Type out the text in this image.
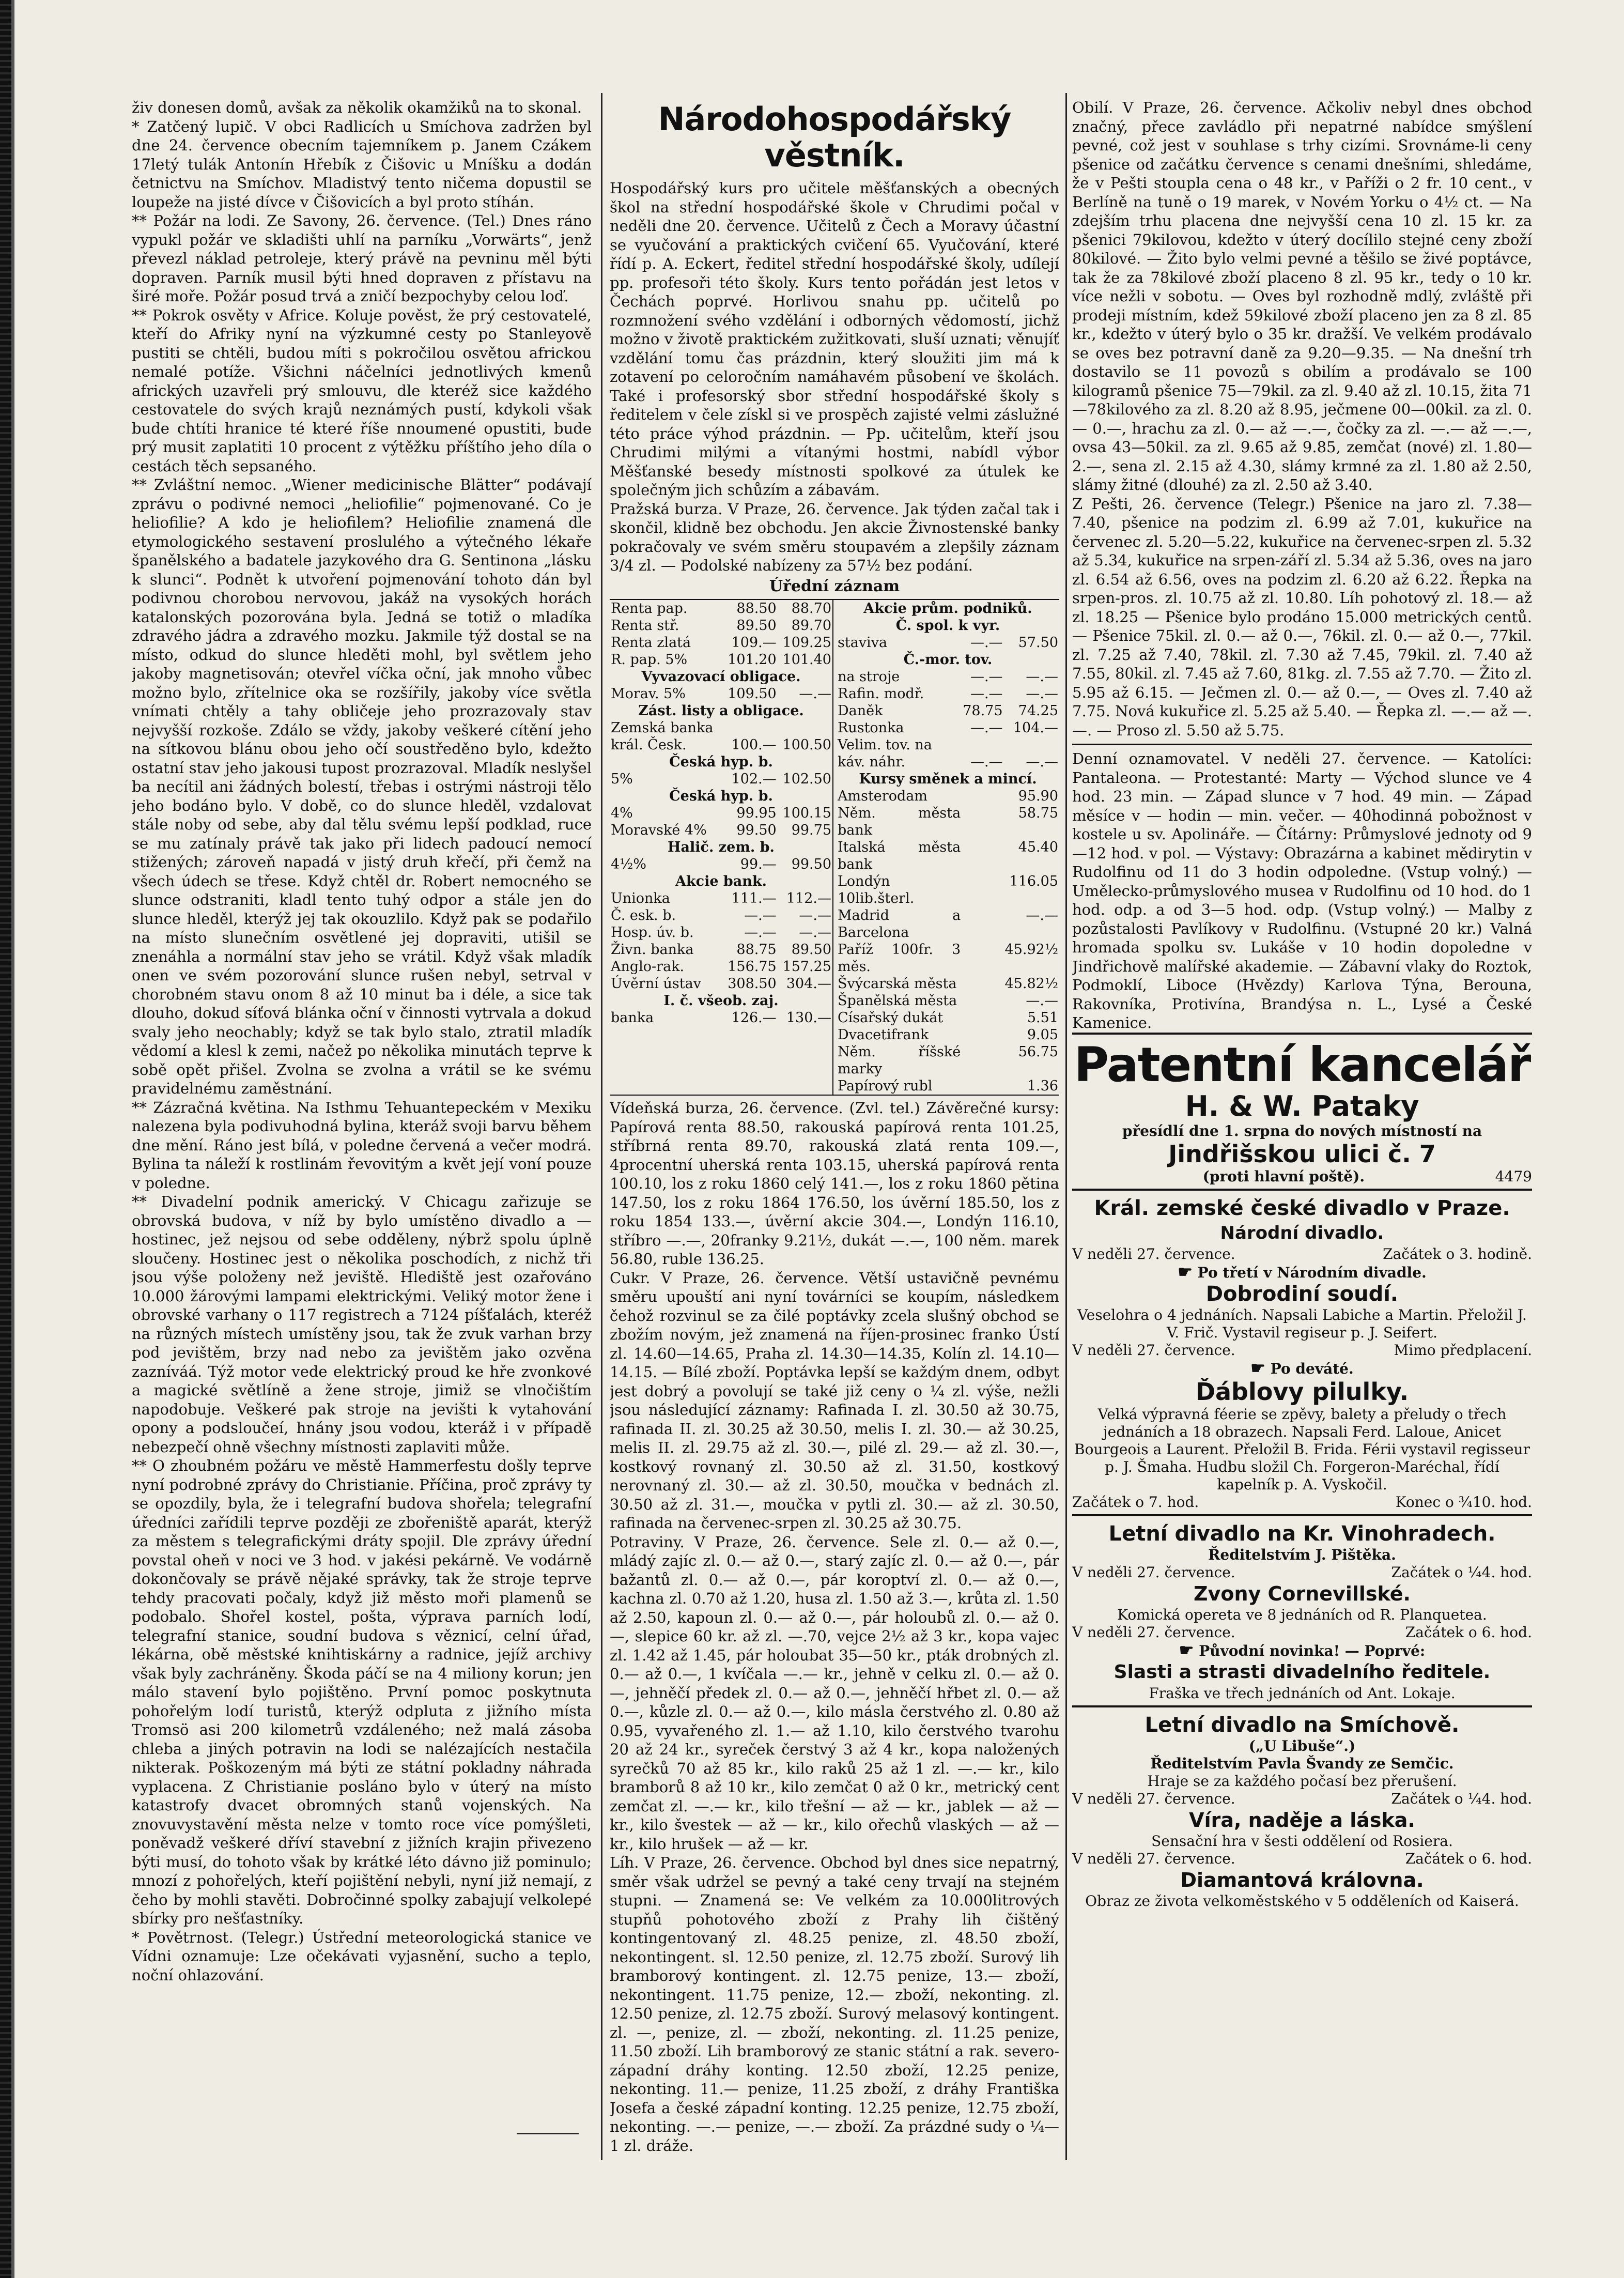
živ donesen domů, avšak za několik okamžiků na to skonal.

* Zatčený lupič. V obci Radlicích u Smíchova zadržen byl dne 24. července obecním tajemníkem p. Janem Czákem 17letý tulák Antonín Hřebík z Čišovic u Mníšku a dodán četnictvu na Smíchov. Mladistvý tento ničema dopustil se loupeže na jisté dívce v Čišovicích a byl proto stíhán.

** Požár na lodi. Ze Savony, 26. července. (Tel.) Dnes ráno vypukl požár ve skladišti uhlí na parníku „Vorwärts“, jenž převezl náklad petroleje, který právě na pevninu měl býti dopraven. Parník musil býti hned dopraven z přístavu na širé moře. Požár posud trvá a zničí bezpochyby celou loď.

** Pokrok osvěty v Africe. Koluje pověst, že prý cestovatelé, kteří do Afriky nyní na výzkumné cesty po Stanleyově pustiti se chtěli, budou míti s pokročilou osvětou africkou nemalé potíže. Všichni náčelníci jednotlivých kmenů afrických uzavřeli prý smlouvu, dle kteréž sice každého cestovatele do svých krajů neznámých pustí, kdykoli však bude chtíti hranice té které říše nnoumené opustiti, bude prý musit zaplatiti 10 procent z výtěžku příštího jeho díla o cestách těch sepsaného.

** Zvláštní nemoc. „Wiener medicinische Blätter“ podávají zprávu o podivné nemoci „heliofilie“ pojmenované. Co je heliofilie? A kdo je heliofilem? Heliofilie znamená dle etymologického sestavení proslulého a výtečného lékaře španělského a badatele jazykového dra G. Sentinona „lásku k slunci“. Podnět k utvoření pojmenování tohoto dán byl podivnou chorobou nervovou, jakáž na vysokých horách katalonských pozorována byla. Jedná se totiž o mladíka zdravého jádra a zdravého mozku. Jakmile týž dostal se na místo, odkud do slunce hleděti mohl, byl světlem jeho jakoby magnetisován; otevřel víčka oční, jak mnoho vůbec možno bylo, zřítelnice oka se rozšířily, jakoby více světla vnímati chtěly a tahy obličeje jeho prozrazovaly stav nejvyšší rozkoše. Zdálo se vždy, jakoby veškeré cítění jeho na sítkovou blánu obou jeho očí soustředěno bylo, kdežto ostatní stav jeho jakousi tupost prozrazoval. Mladík neslyšel ba necítil ani žádných bolestí, třebas i ostrými nástroji tělo jeho bodáno bylo. V době, co do slunce hleděl, vzdalovat stále noby od sebe, aby dal tělu svému lepší podklad, ruce se mu zatínaly právě tak jako při lidech padoucí nemocí stižených; zároveň napadá v jistý druh křečí, při čemž na všech údech se třese. Když chtěl dr. Robert nemocného se slunce odstraniti, kladl tento tuhý odpor a stále jen do slunce hleděl, kterýž jej tak okouzlilo. Když pak se podařilo na místo slunečním osvětlené jej dopraviti, utišil se znenáhla a normální stav jeho se vrátil. Když však mladík onen ve svém pozorování slunce rušen nebyl, setrval v chorobném stavu onom 8 až 10 minut ba i déle, a sice tak dlouho, dokud síťová blánka oční v činnosti vytrvala a dokud svaly jeho neochably; když se tak bylo stalo, ztratil mladík vědomí a klesl k zemi, načež po několika minutách teprve k sobě opět přišel. Zvolna se zvolna a vrátil se ke svému pravidelnému zaměstnání.

** Zázračná květina. Na Isthmu Tehuantepeckém v Mexiku nalezena byla podivuhodná bylina, kteráž svoji barvu během dne mění. Ráno jest bílá, v poledne červená a večer modrá. Bylina ta náleží k rostlinám řevovitým a květ její voní pouze v poledne.

** Divadelní podnik americký. V Chicagu zařizuje se obrovská budova, v níž by bylo umístěno divadlo a — hostinec, jež nejsou od sebe odděleny, nýbrž spolu úplně sloučeny. Hostinec jest o několika poschodích, z nichž tři jsou výše položeny než jeviště. Hlediště jest ozařováno 10.000 žárovými lampami elektrickými. Veliký motor žene i obrovské varhany o 117 registrech a 7124 píšťalách, kteréž na různých místech umístěny jsou, tak že zvuk varhan brzy pod jevištěm, brzy nad nebo za jevištěm jako ozvěna zazníváá. Týž motor vede elektrický proud ke hře zvonkové a magické světlíně a žene stroje, jimiž se vlnočištím napodobuje. Veškeré pak stroje na jevišti k vytahování opony a podsloučeí, hnány jsou vodou, kteráž i v případě nebezpečí ohně všechny místnosti zaplaviti může.

** O zhoubném požáru ve městě Hammerfestu došly teprve nyní podrobné zprávy do Christianie. Příčina, proč zprávy ty se opozdily, byla, že i telegrafní budova shořela; telegrafní úředníci zařídili teprve později ze zbořeniště aparát, kterýž za městem s telegrafickými dráty spojil. Dle zprávy úřední povstal oheň v noci ve 3 hod. v jakési pekárně. Ve vodárně dokončovaly se právě nějaké správky, tak že stroje teprve tehdy pracovati počaly, když již město moři plamenů se podobalo. Shořel kostel, pošta, výprava parních lodí, telegrafní stanice, soudní budova s věznicí, celní úřad, lékárna, obě městské knihtiskárny a radnice, jejíž archivy však byly zachráněny. Škoda páčí se na 4 miliony korun; jen málo stavení bylo pojištěno. První pomoc poskytnuta pohořelým lodí turistů, kterýž odpluta z jižního místa Tromsö asi 200 kilometrů vzdáleného; než malá zásoba chleba a jiných potravin na lodi se nalézajících nestačila nikterak. Poškozeným má býti ze státní pokladny náhrada vyplacena. Z Christianie posláno bylo v úterý na místo katastrofy dvacet obromných stanů vojenských. Na znovuvystavění města nelze v tomto roce více pomýšleti, poněvadž veškeré dříví stavební z jižních krajin přivezeno býti musí, do tohoto však by krátké léto dávno již pominulo; mnozí z pohořelých, kteří pojištění nebyli, nyní již nemají, z čeho by mohli stavěti. Dobročinné spolky zabajují velkolepé sbírky pro nešťastníky.

* Povětrnost. (Telegr.) Ústřední meteorologická stanice ve Vídni oznamuje: Lze očekávati vyjasnění, sucho a teplo, noční ohlazování.

Národohospodářský věstník.

Hospodářský kurs pro učitele měšťanských a obecných škol na střední hospodářské škole v Chrudimi počal v neděli dne 20. července. Učitelů z Čech a Moravy účastní se vyučování a praktických cvičení 65. Vyučování, které řídí p. A. Eckert, ředitel střední hospodářské školy, udílejí pp. profesoři této školy. Kurs tento pořádán jest letos v Čechách poprvé. Horlivou snahu pp. učitelů po rozmnožení svého vzdělání i odborných vědomostí, jichž možno v životě praktickém zužitkovati, sluší uznati; věnujíť vzdělání tomu čas prázdnin, který sloužiti jim má k zotavení po celoročním namáhavém působení ve školách. Také i profesorský sbor střední hospodářské školy s ředitelem v čele získl si ve prospěch zajisté velmi záslužné této práce výhod prázdnin. — Pp. učitelům, kteří jsou Chrudimi milými a vítanými hostmi, nabídl výbor Měšťanské besedy místnosti spolkové za útulek ke společným jich schůzím a zábavám.

Pražská burza. V Praze, 26. července. Jak týden začal tak i skončil, klidně bez obchodu. Jen akcie Živnostenské banky pokračovaly ve svém směru stoupavém a zlepšily záznam 3/4 zl. — Podolské nabízeny za 57½ bez podání.

Úřední záznam
Renta pap.	88.50	88.70
Renta stř.	89.50	89.70
Renta zlatá	109.—	109.25
R. pap. 5%	101.20	101.40
Vyvazovací obligace.		
Morav. 5%	109.50	—.—
Zást. listy a obligace.		
Zemská banka		
král. Česk.	100.—	100.50
Česká hyp. b.		
5%	102.—	102.50
Česká hyp. b.		
4%	99.95	100.15
Moravské 4%	99.50	99.75
Halič. zem. b.		
4½%	99.—	99.50
Akcie bank.		
Unionka	111.—	112.—
Č. esk. b.	—.—	—.—
Hosp. úv. b.	—.—	—.—
Živn. banka	88.75	89.50
Anglo-rak.	156.75	157.25
Úvěrní ústav	308.50	304.—
I. č. všeob. zaj.		
banka	126.—	130.—
Akcie prům. podniků.		
Č. spol. k vyr.		
staviva	—.—	57.50
Č.-mor. tov.		
na stroje	—.—	—.—
Rafin. modř.	—.—	—.—
Daněk	78.75	74.25
Rustonka	—.—	104.—
Velim. tov. na		
káv. náhr.	—.—	—.—
Kursy směnek a mincí.		
Amsterodam		95.90
Něm. města bank		58.75
Italská města bank		45.40
Londýn 10lib.šterl.		116.05
Madrid a Barcelona		—.—
Paříž 100fr. 3 měs.		45.92½
Švýcarská města		45.82½
Španělská města		—.—
Císařský dukát		5.51
Dvacetifrank		9.05
Něm. říšské marky		56.75
Papírový rubl		1.36

Vídeňská burza, 26. července. (Zvl. tel.) Závěrečné kursy: Papírová renta 88.50, rakouská papírová renta 101.25, stříbrná renta 89.70, rakouská zlatá renta 109.—, 4procentní uherská renta 103.15, uherská papírová renta 100.10, los z roku 1860 celý 141.—, los z roku 1860 pětina 147.50, los z roku 1864 176.50, los úvěrní 185.50, los z roku 1854 133.—, úvěrní akcie 304.—, Londýn 116.10, stříbro —.—, 20franky 9.21½, dukát —.—, 100 něm. marek 56.80, ruble 136.25.

Cukr. V Praze, 26. července. Větší ustavičně pevnému směru upouští ani nyní továrníci se koupím, následkem čehož rozvinul se za čilé poptávky zcela slušný obchod se zbožím novým, jež znamená na říjen-prosinec franko Ústí zl. 14.60—14.65, Praha zl. 14.30—14.35, Kolín zl. 14.10—14.15. — Bílé zboží. Poptávka lepší se každým dnem, odbyt jest dobrý a povolují se také již ceny o ¼ zl. výše, nežli jsou následující záznamy: Rafinada I. zl. 30.50 až 30.75, rafinada II. zl. 30.25 až 30.50, melis I. zl. 30.— až 30.25, melis II. zl. 29.75 až zl. 30.—, pilé zl. 29.— až zl. 30.—, kostkový rovnaný zl. 30.50 až zl. 31.50, kostkový nerovnaný zl. 30.— až zl. 30.50, moučka v bednách zl. 30.50 až zl. 31.—, moučka v pytli zl. 30.— až zl. 30.50, rafinada na červenec-srpen zl. 30.25 až 30.75.

Potraviny. V Praze, 26. července. Sele zl. 0.— až 0.—, mládý zajíc zl. 0.— až 0.—, starý zajíc zl. 0.— až 0.—, pár bažantů zl. 0.— až 0.—, pár koroptví zl. 0.— až 0.—, kachna zl. 0.70 až 1.20, husa zl. 1.50 až 3.—, krůta zl. 1.50 až 2.50, kapoun zl. 0.— až 0.—, pár holoubů zl. 0.— až 0.—, slepice 60 kr. až zl. —.70, vejce 2½ až 3 kr., kopa vajec zl. 1.42 až 1.45, pár holoubat 35—50 kr., pták drobných zl. 0.— až 0.—, 1 kvíčala —.— kr., jehně v celku zl. 0.— až 0.—, jehněčí předek zl. 0.— až 0.—, jehněčí hřbet zl. 0.— až 0.—, kůzle zl. 0.— až 0.—, kilo másla čerstvého zl. 0.80 až 0.95, vyvařeného zl. 1.— až 1.10, kilo čerstvého tvarohu 20 až 24 kr., syreček čerstvý 3 až 4 kr., kopa naložených syrečků 70 až 85 kr., kilo raků 25 až 1 zl. —.— kr., kilo bramborů 8 až 10 kr., kilo zemčat 0 až 0 kr., metrický cent zemčat zl. —.— kr., kilo třešní — až — kr., jablek — až — kr., kilo švestek — až — kr., kilo ořechů vlaských — až — kr., kilo hrušek — až — kr.

Líh. V Praze, 26. července. Obchod byl dnes sice nepatrný, směr však udržel se pevný a také ceny trvají na stejném stupni. — Znamená se: Ve velkém za 10.000litrových stupňů pohotového zboží z Prahy lih čištěný kontingentovaný zl. 48.25 penize, zl. 48.50 zboží, nekontingent. sl. 12.50 penize, zl. 12.75 zboží. Surový lih bramborový kontingent. zl. 12.75 penize, 13.— zboží, nekontingent. 11.75 penize, 12.— zboží, nekonting. zl. 12.50 penize, zl. 12.75 zboží. Surový melasový kontingent. zl. —, penize, zl. — zboží, nekonting. zl. 11.25 penize, 11.50 zboží. Lih bramborový ze stanic státní a rak. severo-západní dráhy konting. 12.50 zboží, 12.25 penize, nekonting. 11.— penize, 11.25 zboží, z dráhy Františka Josefa a české západní konting. 12.25 penize, 12.75 zboží, nekonting. —.— penize, —.— zboží. Za prázdné sudy o ¼—1 zl. dráže.

Obilí. V Praze, 26. července. Ačkoliv nebyl dnes obchod značný, přece zavládlo při nepatrné nabídce smýšlení pevné, což jest v souhlase s trhy cizími. Srovnáme-li ceny pšenice od začátku července s cenami dnešními, shledáme, že v Pešti stoupla cena o 48 kr., v Paříži o 2 fr. 10 cent., v Berlíně na tuně o 19 marek, v Novém Yorku o 4½ ct. — Na zdejším trhu placena dne nejvyšší cena 10 zl. 15 kr. za pšenici 79kilovou, kdežto v úterý docílilo stejné ceny zboží 80kilové. — Žito bylo velmi pevné a těšilo se živé poptávce, tak že za 78kilové zboží placeno 8 zl. 95 kr., tedy o 10 kr. více nežli v sobotu. — Oves byl rozhodně mdlý, zvláště při prodeji místním, kdež 59kilové zboží placeno jen za 8 zl. 85 kr., kdežto v úterý bylo o 35 kr. dražší. Ve velkém prodávalo se oves bez potravní daně za 9.20—9.35. — Na dnešní trh dostavilo se 11 povozů s obilím a prodávalo se 100 kilogramů pšenice 75—79kil. za zl. 9.40 až zl. 10.15, žita 71—78kilového za zl. 8.20 až 8.95, ječmene 00—00kil. za zl. 0.— 0.—, hrachu za zl. 0.— až —.—, čočky za zl. —.— až —.—, ovsa 43—50kil. za zl. 9.65 až 9.85, zemčat (nové) zl. 1.80—2.—, sena zl. 2.15 až 4.30, slámy krmné za zl. 1.80 až 2.50, slámy žitné (dlouhé) za zl. 2.50 až 3.40.

Z Pešti, 26. července (Telegr.) Pšenice na jaro zl. 7.38—7.40, pšenice na podzim zl. 6.99 až 7.01, kukuřice na červenec zl. 5.20—5.22, kukuřice na červenec-srpen zl. 5.32 až 5.34, kukuřice na srpen-září zl. 5.34 až 5.36, oves na jaro zl. 6.54 až 6.56, oves na podzim zl. 6.20 až 6.22. Řepka na srpen-pros. zl. 10.75 až zl. 10.80. Líh pohotový zl. 18.— až zl. 18.25 — Pšenice bylo prodáno 15.000 metrických centů. — Pšenice 75kil. zl. 0.— až 0.—, 76kil. zl. 0.— až 0.—, 77kil. zl. 7.25 až 7.40, 78kil. zl. 7.30 až 7.45, 79kil. zl. 7.40 až 7.55, 80kil. zl. 7.45 až 7.60, 81kg. zl. 7.55 až 7.70. — Žito zl. 5.95 až 6.15. — Ječmen zl. 0.— až 0.—, — Oves zl. 7.40 až 7.75. Nová kukuřice zl. 5.25 až 5.40. — Řepka zl. —.— až —.—. — Proso zl. 5.50 až 5.75.

Denní oznamovatel. V neděli 27. července. — Katolíci: Pantaleona. — Protestanté: Marty — Východ slunce ve 4 hod. 23 min. — Západ slunce v 7 hod. 49 min. — Západ měsíce v — hodin — min. večer. — 40hodinná pobožnost v kostele u sv. Apolináře. — Čítárny: Průmyslové jednoty od 9—12 hod. v pol. — Výstavy: Obrazárna a kabinet mědirytin v Rudolfinu od 11 do 3 hodin odpoledne. (Vstup volný.) — Umělecko-průmyslového musea v Rudolfinu od 10 hod. do 1 hod. odp. a od 3—5 hod. odp. (Vstup volný.) — Malby z pozůstalosti Pavlíkovy v Rudolfinu. (Vstupné 20 kr.) Valná hromada spolku sv. Lukáše v 10 hodin dopoledne v Jindřichově malířské akademie. — Zábavní vlaky do Roztok, Podmoklí, Liboce (Hvězdy) Karlova Týna, Berouna, Rakovníka, Protivína, Brandýsa n. L., Lysé a České Kamenice.

Patentní kancelář
H. & W. Pataky
přesídlí dne 1. srpna do nových místností na
Jindřišskou ulici č. 7
(proti hlavní poště).	4479
Král. zemské české divadlo v Praze.
Národní divadlo.
V neděli 27. července.	Začátek o 3. hodině.
☛ Po třetí v Národním divadle.
Dobrodiní soudí.
Veselohra o 4 jednáních. Napsali Labiche a Martin. Přeložil J. V. Frič. Vystavil regiseur p. J. Seifert.
V neděli 27. července.	Mimo předplacení.
☛ Po deváté.
Ďáblovy pilulky.
Velká výpravná féerie se zpěvy, balety a přeludy o třech jednáních a 18 obrazech. Napsali Ferd. Laloue, Anicet Bourgeois a Laurent. Přeložil B. Frida. Férii vystavil regisseur p. J. Šmaha. Hudbu složil Ch. Forgeron-Maréchal, řídí kapelník p. A. Vyskočil.
Začátek o 7. hod.	Konec o ¾10. hod.
Letní divadlo na Kr. Vinohradech.
Ředitelstvím J. Pištěka.
V neděli 27. července.	Začátek o ¼4. hod.
Zvony Cornevillské.
Komická opereta ve 8 jednáních od R. Planquetea.
V neděli 27. července.	Začátek o 6. hod.
☛ Původní novinka! — Poprvé:
Slasti a strasti divadelního ředitele.
Fraška ve třech jednáních od Ant. Lokaje.
Letní divadlo na Smíchově.
(„U Libuše“.)
Ředitelstvím Pavla Švandy ze Semčic.
Hraje se za každého počasí bez přerušení.
V neděli 27. července.	Začátek o ¼4. hod.
Víra, naděje a láska.
Sensační hra v šesti oddělení od Rosiera.
V neděli 27. července.	Začátek o 6. hod.
Diamantová královna.
Obraz ze života velkoměstského v 5 odděleních od Kaiserá.
